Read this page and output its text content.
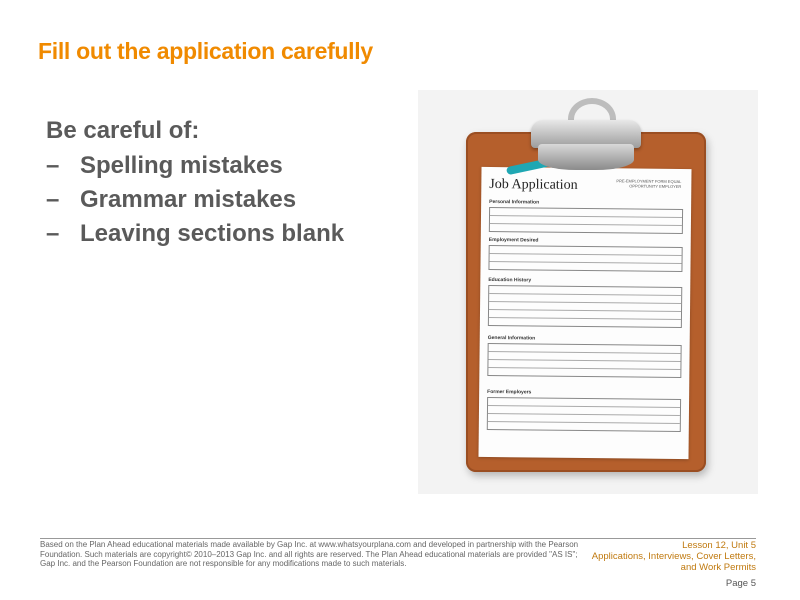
Fill out the application carefully
Be careful of:
– Spelling mistakes
– Grammar mistakes
– Leaving sections blank
Job Application	PRE-EMPLOYMENT FORM EQUAL OPPORTUNITY EMPLOYER
Personal Information
Employment Desired
Education History
General Information
Former Employers
Based on the Plan Ahead educational materials made available by Gap Inc. at www.whatsyourplana.com and developed in partnership with the Pearson Foundation. Such materials are copyright© 2010–2013 Gap Inc. and all rights are reserved. The Plan Ahead educational materials are provided "AS IS"; Gap Inc. and the Pearson Foundation are not responsible for any modifications made to such materials.
Lesson 12, Unit 5
Applications, Interviews, Cover Letters, and Work Permits
Page 5
